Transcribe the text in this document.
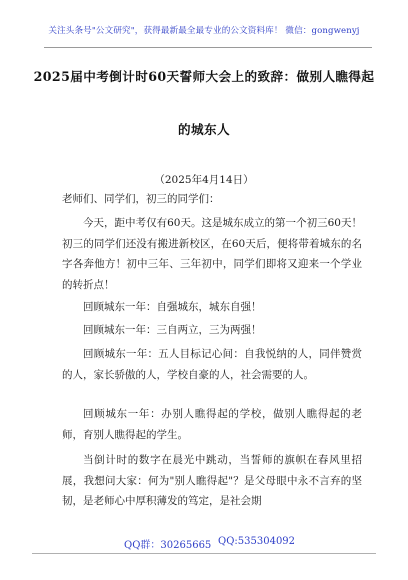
关注头条号"公文研究"，获得最新最全最专业的公文资料库！ 微信：gongwenyj
2025届中考倒计时60天誓师大会上的致辞：做别人瞧得起
的城东人
（2025年4月14日）

老师们、同学们，初三的同学们：

今天，距中考仅有60天。这是城东成立的第一个初三60天！初三的同学们还没有搬进新校区，在60天后，便将带着城东的名字各奔他方！初中三年、三年初中，同学们即将又迎来一个学业的转折点！

回顾城东一年：自强城东，城东自强！

回顾城东一年：三自两立，三为两强！

回顾城东一年：五人目标记心间：自我悦纳的人，同伴赞赏的人，家长骄傲的人，学校自豪的人，社会需要的人。

回顾城东一年：办别人瞧得起的学校，做别人瞧得起的老师，育别人瞧得起的学生。

当倒计时的数字在晨光中跳动，当誓师的旗帜在春风里招展，我想问大家：何为"别人瞧得起"？是父母眼中永不言弃的坚韧，是老师心中厚积薄发的笃定，是社会期

QQ群：30265665 QQ:535304092
